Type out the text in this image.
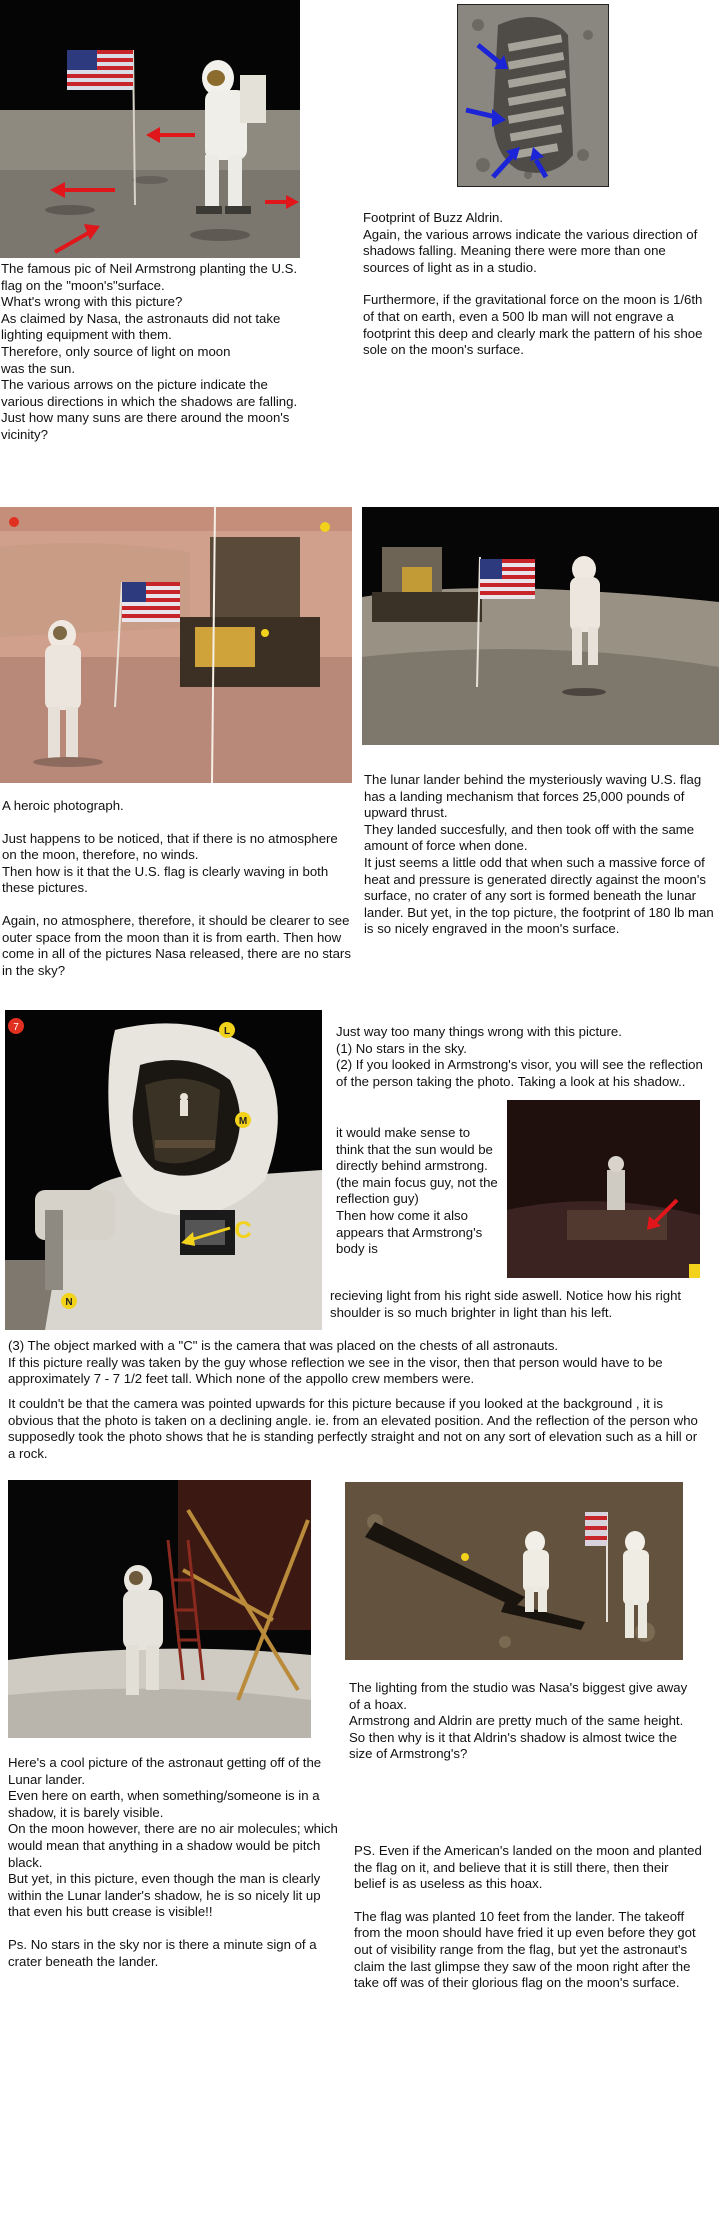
The famous pic of Neil Armstrong planting the U.S. flag on the "moon's"surface.

What's wrong with this picture?

As claimed by Nasa, the astronauts did not take lighting equipment with them.

Therefore, only source of light on moon

was the sun.

The various arrows on the picture indicate the various directions in which the shadows are falling.

Just how many suns are there around the moon's vicinity?

Footprint of Buzz Aldrin.

Again, the various arrows indicate the various direction of shadows falling. Meaning there were more than one sources of light as in a studio.

Furthermore, if the gravitational force on the moon is 1/6th of that on earth, even a 500 lb man will not engrave a footprint this deep and clearly mark the pattern of his shoe sole on the moon's surface.

A heroic photograph.

Just happens to be noticed, that if there is no atmosphere on the moon, therefore, no winds.

Then how is it that the U.S. flag is clearly waving in both these pictures.

Again, no atmosphere, therefore, it should be clearer to see outer space from the moon than it is from earth. Then how come in all of the pictures Nasa released, there are no stars in the sky?

The lunar lander behind the mysteriously waving U.S. flag has a landing mechanism that forces 25,000 pounds of upward thrust.

They landed succesfully, and then took off with the same amount of force when done.

It just seems a little odd that when such a massive force of heat and pressure is generated directly against the moon's surface, no crater of any sort is formed beneath the lunar lander. But yet, in the top picture, the footprint of 180 lb man is so nicely engraved in the moon's surface.

7	L
M
C
N

Just way too many things wrong with this picture.

(1) No stars in the sky.

(2) If you looked in Armstrong's visor, you will see the reflection of the person taking the photo. Taking a look at his shadow..

it would make sense to think that the sun would be directly behind armstrong. (the main focus guy, not the reflection guy)
Then how come it also appears that Armstrong's body is

recieving light from his right side aswell. Notice how his right shoulder is so much brighter in light than his left.

(3) The object marked with a "C" is the camera that was placed on the chests of all astronauts.
If this picture really was taken by the guy whose reflection we see in the visor, then that person would have to be approximately 7 - 7 1/2 feet tall. Which none of the appollo crew members were.

It couldn't be that the camera was pointed upwards for this picture because if you looked at the background , it is obvious that the photo is taken on a declining angle. ie. from an elevated position. And the reflection of the person who supposedly took the photo shows that he is standing perfectly straight and not on any sort of elevation such as a hill or a rock.

The lighting from the studio was Nasa's biggest give away of a hoax.

Armstrong and Aldrin are pretty much of the same height.

So then why is it that Aldrin's shadow is almost twice the size of Armstrong's?

Here's a cool picture of the astronaut getting off of the Lunar lander.

Even here on earth, when something/someone is in a shadow, it is barely visible.

On the moon however, there are no air molecules; which would mean that anything in a shadow would be pitch black.

But yet, in this picture, even though the man is clearly within the Lunar lander's shadow, he is so nicely lit up that even his butt crease is visible!!

Ps. No stars in the sky nor is there a minute sign of a crater beneath the lander.

PS. Even if the American's landed on the moon and planted the flag on it, and believe that it is still there, then their belief is as useless as this hoax.

The flag was planted 10 feet from the lander. The takeoff from the moon should have fried it up even before they got out of visibility range from the flag, but yet the astronaut's claim the last glimpse they saw of the moon right after the take off was of their glorious flag on the moon's surface.
